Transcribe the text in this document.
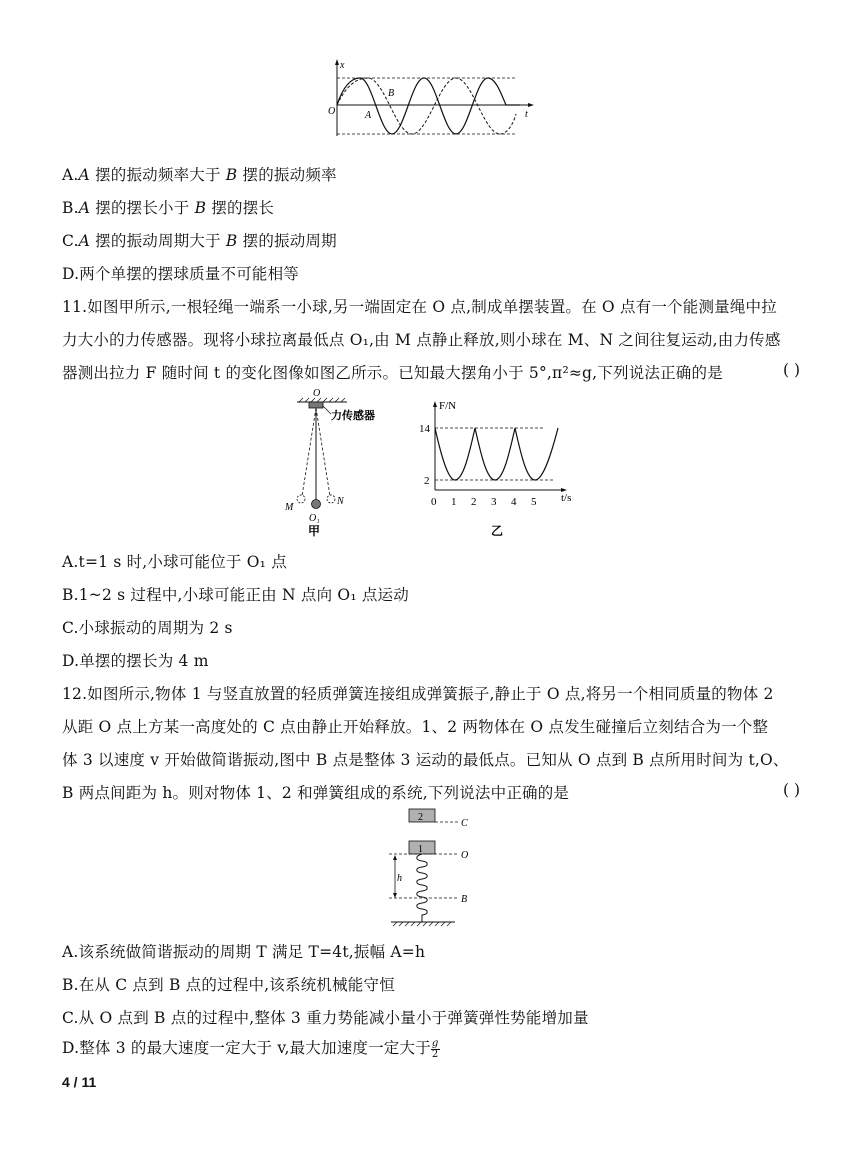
x
t
O
B
A
A.A 摆的振动频率大于 B 摆的振动频率
B.A 摆的摆长小于 B 摆的摆长
C.A 摆的振动周期大于 B 摆的振动周期
D.两个单摆的摆球质量不可能相等
11.如图甲所示,一根轻绳一端系一小球,另一端固定在 O 点,制成单摆装置。在 O 点有一个能测量绳中拉
力大小的力传感器。现将小球拉离最低点 O₁,由 M 点静止释放,则小球在 M、N 之间往复运动,由力传感
器测出拉力 F 随时间 t 的变化图像如图乙所示。已知最大摆角小于 5°,π²≈g,下列说法正确的是	( )
O
力传感器
M
N
O₁
甲
14
2
0 1 2 3 4 5
F/N
t/s
乙
A.t=1 s 时,小球可能位于 O₁ 点
B.1~2 s 过程中,小球可能正由 N 点向 O₁ 点运动
C.小球振动的周期为 2 s
D.单摆的摆长为 4 m
12.如图所示,物体 1 与竖直放置的轻质弹簧连接组成弹簧振子,静止于 O 点,将另一个相同质量的物体 2
从距 O 点上方某一高度处的 C 点由静止开始释放。1、2 两物体在 O 点发生碰撞后立刻结合为一个整
体 3 以速度 v 开始做简谐振动,图中 B 点是整体 3 运动的最低点。已知从 O 点到 B 点所用时间为 t,O、
B 两点间距为 h。则对物体 1、2 和弹簧组成的系统,下列说法中正确的是	( )
2
C
1
O
h
B
A.该系统做简谐振动的周期 T 满足 T=4t,振幅 A=h
B.在从 C 点到 B 点的过程中,该系统机械能守恒
C.从 O 点到 B 点的过程中,整体 3 重力势能减小量小于弹簧弹性势能增加量
D.整体 3 的最大速度一定大于 v,最大加速度一定大于 $\frac{g}{2}$
4 / 11
